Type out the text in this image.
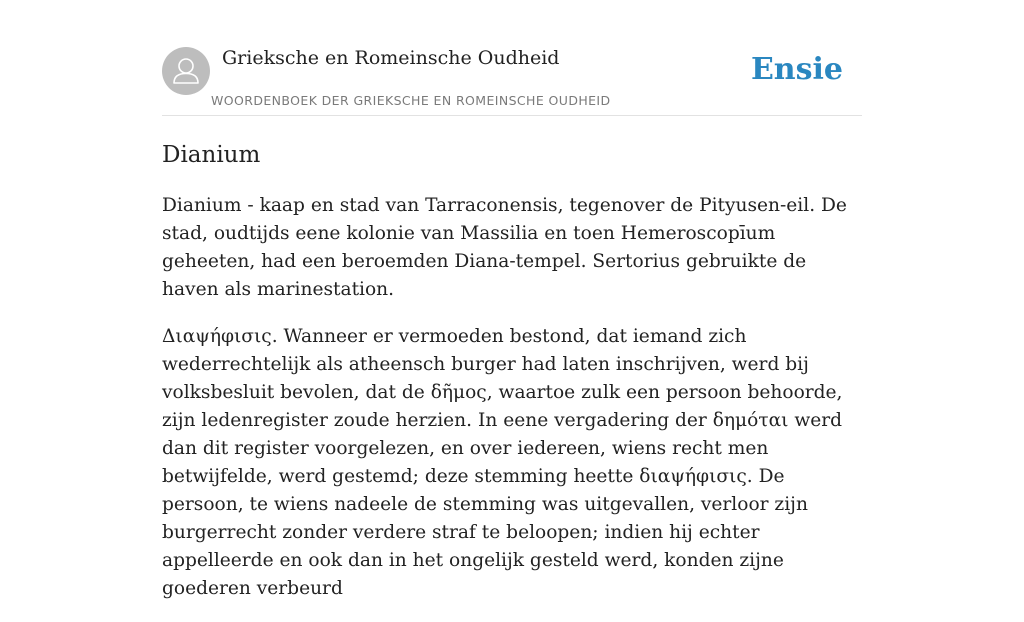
Grieksche en Romeinsche Oudheid
WOORDENBOEK DER GRIEKSCHE EN ROMEINSCHE OUDHEID
Ensie
Dianium

Dianium - kaap en stad van Tarraconensis, tegenover de Pityusen-eil. De stad, oudtijds eene kolonie van Massilia en toen Hemeroscopīum geheeten, had een beroemden Diana-tempel. Sertorius gebruikte de haven als marinestation.

Διαψήφισις. Wanneer er vermoeden bestond, dat iemand zich wederrechtelijk als atheensch burger had laten inschrijven, werd bij volksbesluit bevolen, dat de δῆμος, waartoe zulk een persoon behoorde, zijn ledenregister zoude herzien. In eene vergadering der δημόται werd dan dit register voorgelezen, en over iedereen, wiens recht men betwijfelde, werd gestemd; deze stemming heette διαψήφισις. De persoon, te wiens nadeele de stemming was uitgevallen, verloor zijn burgerrecht zonder verdere straf te beloopen; indien hij echter appelleerde en ook dan in het ongelijk gesteld werd, konden zijne goederen verbeurd
